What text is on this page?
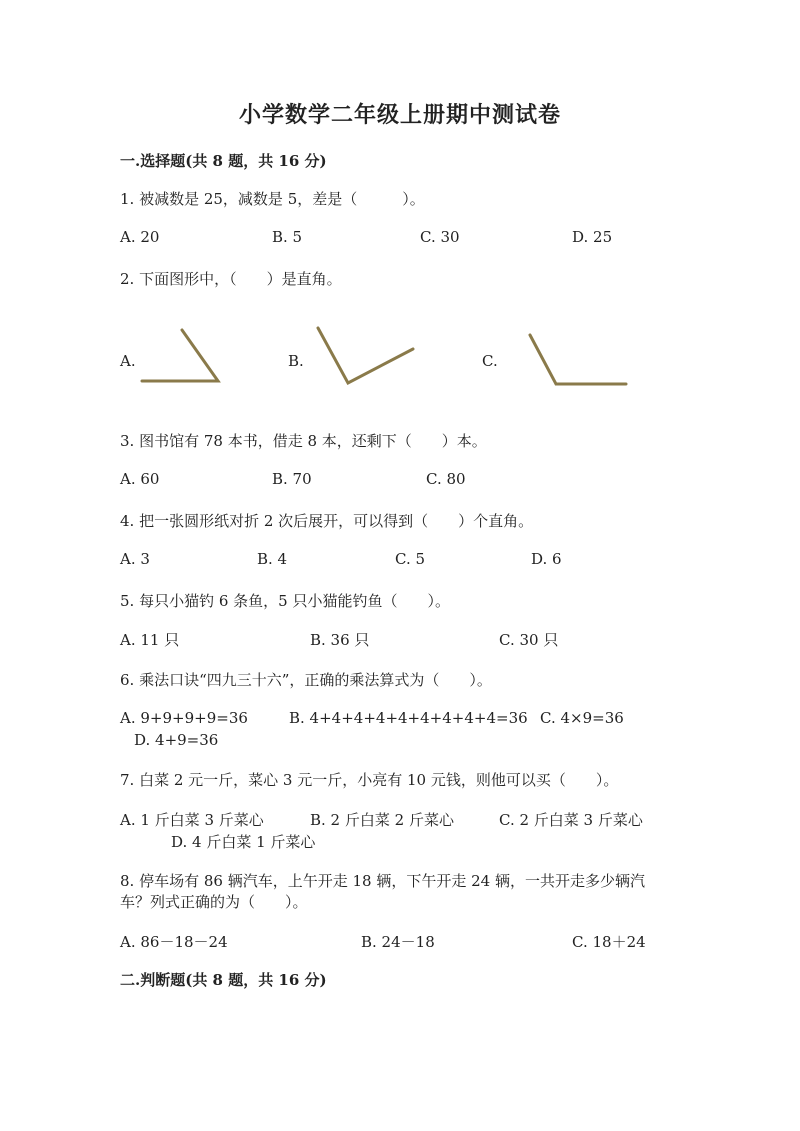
小学数学二年级上册期中测试卷
一.选择题(共 8 题，共 16 分)
1. 被减数是 25，减数是 5，差是（　　　）。
A. 20	B. 5	C. 30	D. 25
2. 下面图形中，（　　）是直角。
A.	B.	C.
3. 图书馆有 78 本书，借走 8 本，还剩下（　　）本。
A. 60	B. 70	C. 80
4. 把一张圆形纸对折 2 次后展开，可以得到（　　）个直角。
A. 3	B. 4	C. 5	D. 6
5. 每只小猫钓 6 条鱼，5 只小猫能钓鱼（　　）。
A. 11 只	B. 36 只	C. 30 只
6. 乘法口诀“四九三十六”，正确的乘法算式为（　　）。
A. 9+9+9+9=36	B. 4+4+4+4+4+4+4+4+4=36 C. 4×9=36
D. 4+9=36
7. 白菜 2 元一斤，菜心 3 元一斤，小亮有 10 元钱，则他可以买（　　）。
A. 1 斤白菜 3 斤菜心	B. 2 斤白菜 2 斤菜心	C. 2 斤白菜 3 斤菜心
D. 4 斤白菜 1 斤菜心
8. 停车场有 86 辆汽车，上午开走 18 辆，下午开走 24 辆，一共开走多少辆汽
车？列式正确的为（　　）。
A. 86－18－24	B. 24－18	C. 18＋24
二.判断题(共 8 题，共 16 分)
